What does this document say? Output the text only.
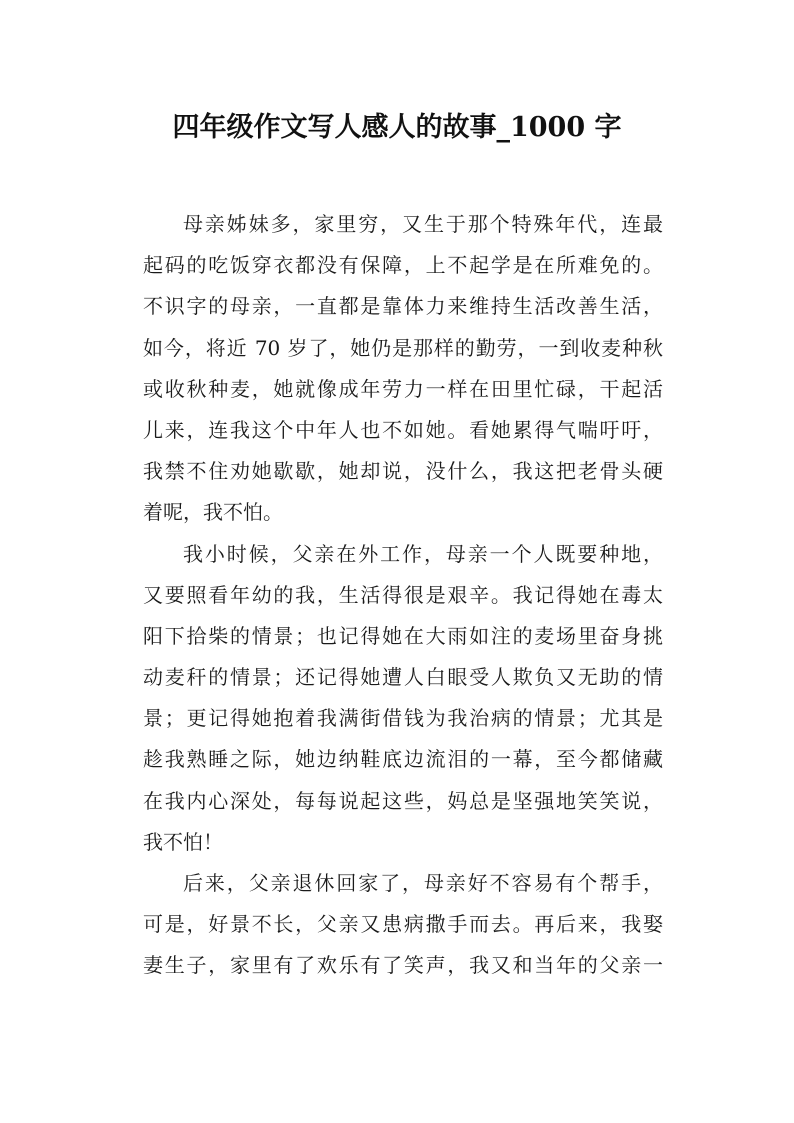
四年级作文写人感人的故事_1000 字
母亲姊妹多，家里穷，又生于那个特殊年代，连最
起码的吃饭穿衣都没有保障，上不起学是在所难免的。
不识字的母亲，一直都是靠体力来维持生活改善生活，
如今，将近 70 岁了，她仍是那样的勤劳，一到收麦种秋
或收秋种麦，她就像成年劳力一样在田里忙碌，干起活
儿来，连我这个中年人也不如她。看她累得气喘吁吁，
我禁不住劝她歇歇，她却说，没什么，我这把老骨头硬
着呢，我不怕。
我小时候，父亲在外工作，母亲一个人既要种地，
又要照看年幼的我，生活得很是艰辛。我记得她在毒太
阳下拾柴的情景；也记得她在大雨如注的麦场里奋身挑
动麦秆的情景；还记得她遭人白眼受人欺负又无助的情
景；更记得她抱着我满街借钱为我治病的情景；尤其是
趁我熟睡之际，她边纳鞋底边流泪的一幕，至今都储藏
在我内心深处，每每说起这些，妈总是坚强地笑笑说，
我不怕！
后来，父亲退休回家了，母亲好不容易有个帮手，
可是，好景不长，父亲又患病撒手而去。再后来，我娶
妻生子，家里有了欢乐有了笑声，我又和当年的父亲一
